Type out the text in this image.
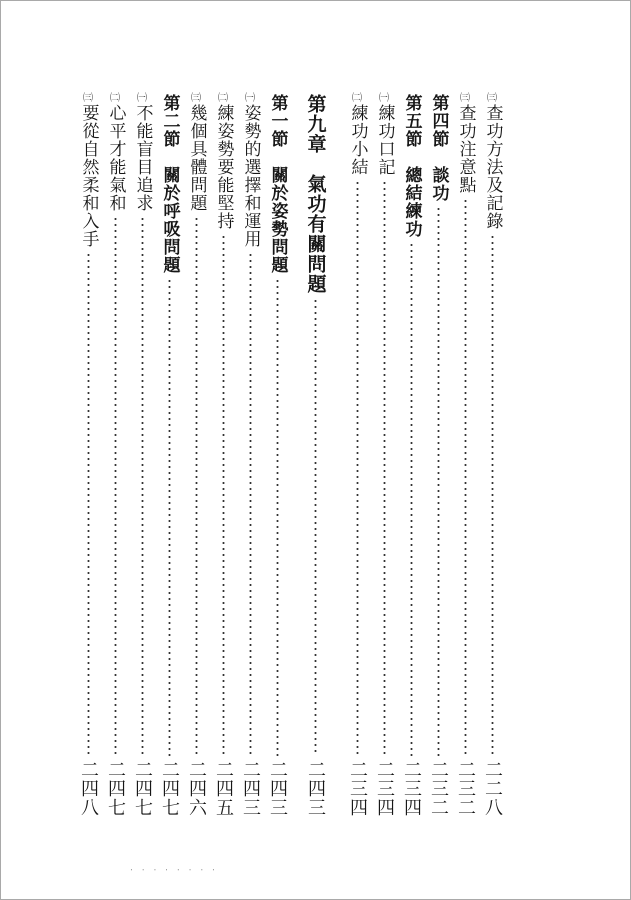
㈢
查功方法及記錄
二二八
㈢
查功注意點
二三二
第四節　談功
二三二
第五節　總結練功
二三四
㈠
練功口記
二三四
㈡
練功小結
二三四
第九章　氣功有關問題
二四三
第一節　關於姿勢問題
二四三
㈠
姿勢的選擇和運用
二四三
㈡
練姿勢要能堅持
二四五
㈢
幾個具體問題
二四六
第二節　關於呼吸問題
二四七
㈠
不能盲目追求
二四七
㈡
心平才能氣和
二四七
㈢
要從自然柔和入手
二四八
‧ ‧ ‧ ‧ ‧ ‧ ‧ ‧
